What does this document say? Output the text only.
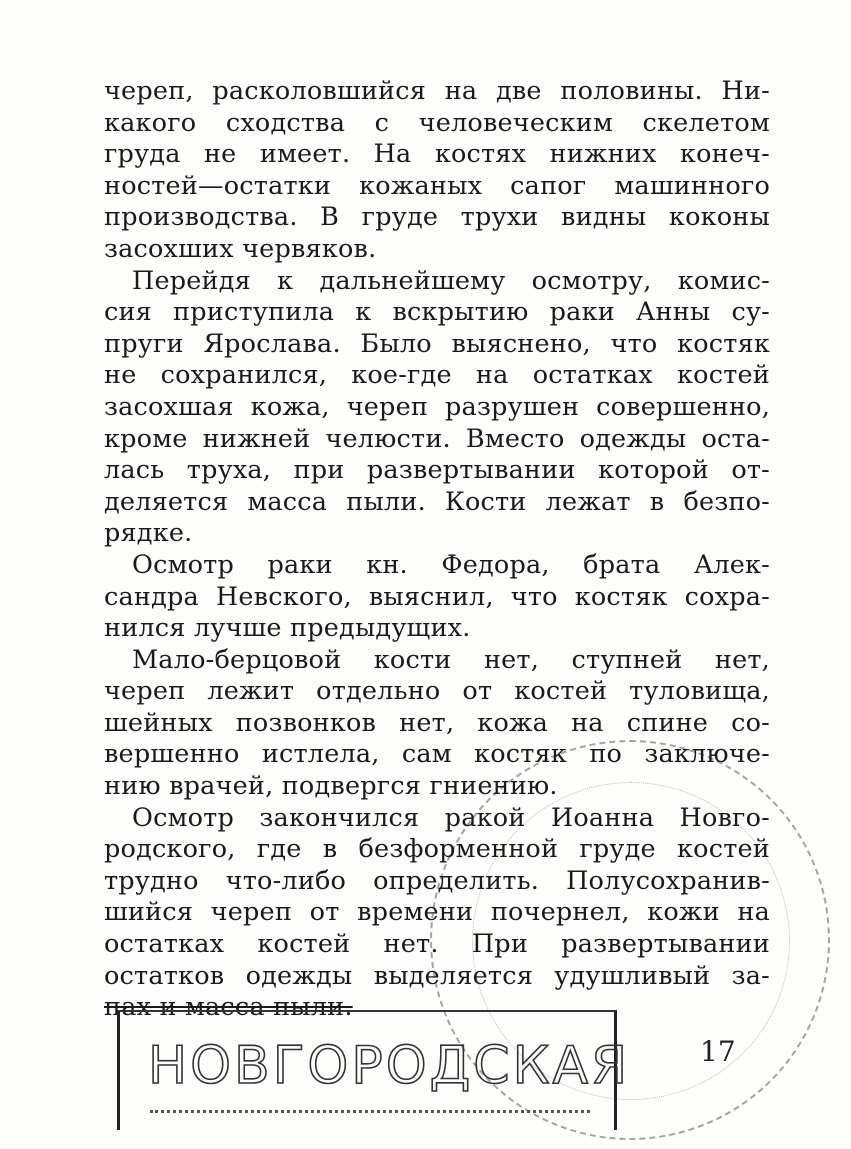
череп, расколовшийся на две половины. Ни-
какого сходства с человеческим скелетом
груда не имеет. На костях нижних конеч-
ностей—остатки кожаных сапог машинного
производства. В груде трухи видны коконы
засохших червяков.
Перейдя к дальнейшему осмотру, комис-
сия приступила к вскрытию раки Анны су-
пруги Ярослава. Было выяснено, что костяк
не сохранился, кое-где на остатках костей
засохшая кожа, череп разрушен совершенно,
кроме нижней челюсти. Вместо одежды оста-
лась труха, при развертывании которой от-
деляется масса пыли. Кости лежат в безпо-
рядке.
Осмотр раки кн. Федора, брата Алек-
сандра Невского, выяснил, что костяк сохра-
нился лучше предыдущих.
Мало-берцовой кости нет, ступней нет,
череп лежит отдельно от костей туловища,
шейных позвонков нет, кожа на спине со-
вершенно истлела, сам костяк по заключе-
нию врачей, подвергся гниению.
Осмотр закончился ракой Иоанна Новго-
родского, где в безформенной груде костей
трудно что-либо определить. Полусохранив-
шийся череп от времени почернел, кожи на
остатках костей нет. При развертывании
остатков одежды выделяется удушливый за-
пах и масса пыли.
НОВГОРОДСКАЯ 17
